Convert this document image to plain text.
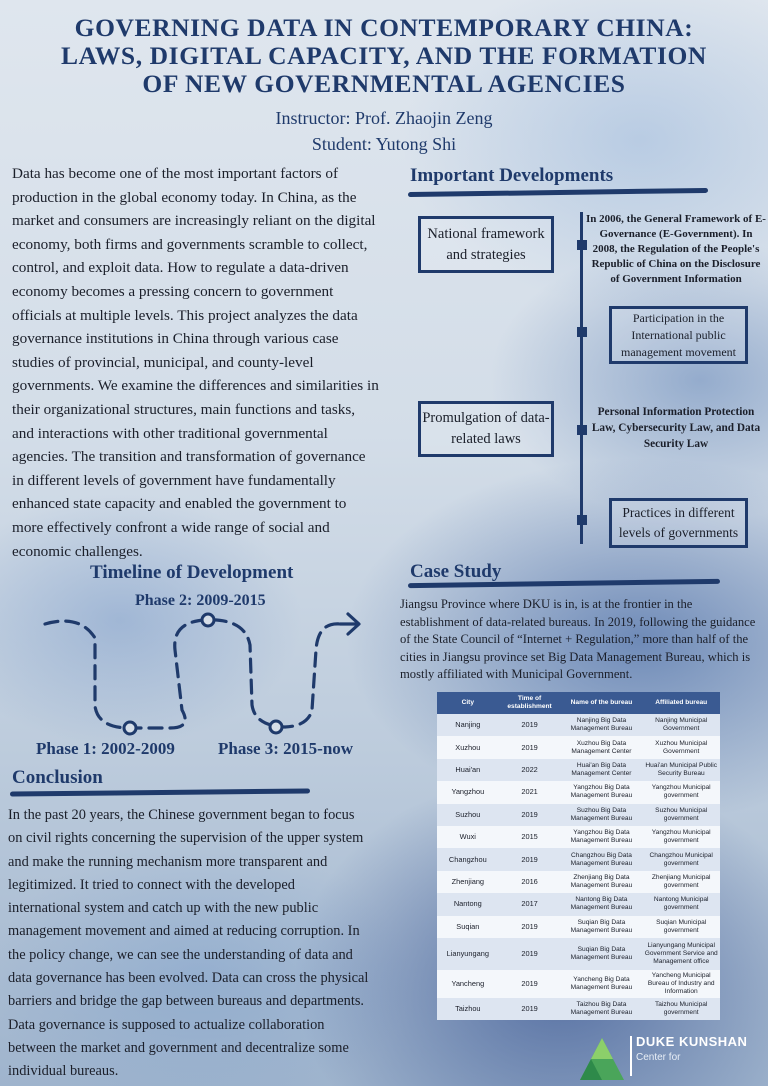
GOVERNING DATA IN CONTEMPORARY CHINA:
LAWS, DIGITAL CAPACITY, AND THE FORMATION
OF NEW GOVERNMENTAL AGENCIES
Instructor: Prof. Zhaojin Zeng
Student: Yutong Shi
Data has become one of the most important factors of
production in the global economy today. In China, as the
market and consumers are increasingly reliant on the digital
economy, both firms and governments scramble to collect,
control, and exploit data. How to regulate a data-driven
economy becomes a pressing concern to government
officials at multiple levels. This project analyzes the data
governance institutions in China through various case
studies of provincial, municipal, and county-level
governments. We examine the differences and similarities in
their organizational structures, main functions and tasks,
and interactions with other traditional governmental
agencies. The transition and transformation of governance
in different levels of government have fundamentally
enhanced state capacity and enabled the government to
more effectively confront a wide range of social and
economic challenges.
Important Developments
National framework and strategies
In 2006, the General Framework of E-Governance (E-Government). In 2008, the Regulation of the People's Republic of China on the Disclosure of Government Information
Participation in the International public management movement
Promulgation of data-related laws
Personal Information Protection Law, Cybersecurity Law, and Data Security Law
Practices in different levels of governments
Timeline of Development
Phase 2: 2009-2015
Phase 1: 2002-2009	Phase 3: 2015-now
Case Study
Jiangsu Province where DKU is in, is at the frontier in the establishment of data-related bureaus. In 2019, following the guidance of the State Council of “Internet + Regulation,” more than half of the cities in Jiangsu province set Big Data Management Bureau, which is mostly affiliated with Municipal Government.
City	Time of establishment	Name of the bureau	Affiliated bureau
Nanjing	2019	Nanjing Big Data Management Bureau	Nanjing Municipal Government
Xuzhou	2019	Xuzhou Big Data Management Center	Xuzhou Municipal Government
Huai'an	2022	Huai'an Big Data Management Center	Huai'an Municipal Public Security Bureau
Yangzhou	2021	Yangzhou Big Data Management Bureau	Yangzhou Municipal government
Suzhou	2019	Suzhou Big Data Management Bureau	Suzhou Municipal government
Wuxi	2015	Yangzhou Big Data Management Bureau	Yangzhou Municipal government
Changzhou	2019	Changzhou Big Data Management Bureau	Changzhou Municipal government
Zhenjiang	2016	Zhenjiang Big Data Management Bureau	Zhenjiang Municipal government
Nantong	2017	Nantong Big Data Management Bureau	Nantong Municipal government
Suqian	2019	Suqian Big Data Management Bureau	Suqian Municipal government
Lianyungang	2019	Suqian Big Data Management Bureau	Lianyungang Municipal Government Service and Management office
Yancheng	2019	Yancheng Big Data Management Bureau	Yancheng Municipal Bureau of Industry and Information
Taizhou	2019	Taizhou Big Data Management Bureau	Taizhou Municipal government
Conclusion
In the past 20 years, the Chinese government began to focus
on civil rights concerning the supervision of the upper system
and make the running mechanism more transparent and
legitimized. It tried to connect with the developed
international system and catch up with the new public
management movement and aimed at reducing corruption. In
the policy change, we can see the understanding of data and
data governance has been evolved. Data can cross the physical
barriers and bridge the gap between bureaus and departments.
Data governance is supposed to actualize collaboration
between the market and government and decentralize some
individual bureaus.
DUKE KUNSHAN
Center for
